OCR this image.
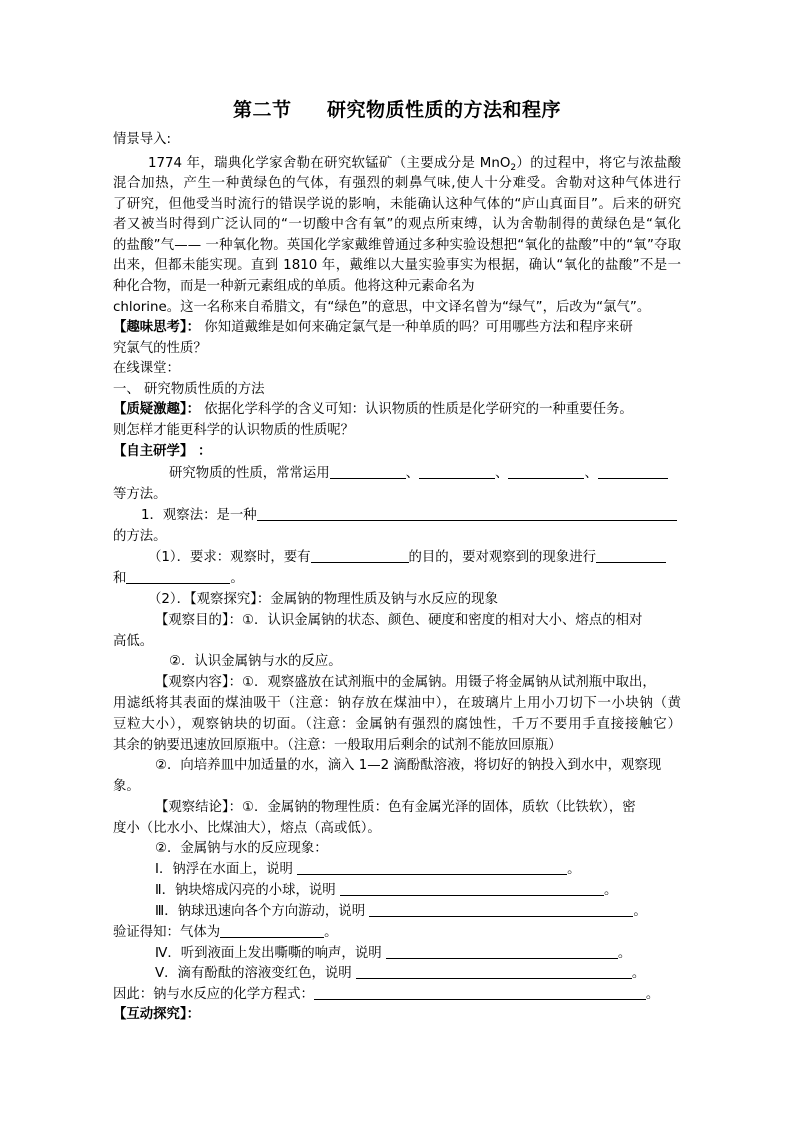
第二节     研究物质性质的方法和程序
情景导入:
1774 年，瑞典化学家舍勒在研究软锰矿（主要成分是 MnO$_2$）的过程中，将它与浓盐酸
混合加热，产生一种黄绿色的气体，有强烈的刺鼻气味,使人十分难受。舍勒对这种气体进行
了研究，但他受当时流行的错误学说的影响，未能确认这种气体的“庐山真面目”。后来的研究
者又被当时得到广泛认同的“一切酸中含有氧”的观点所束缚，认为舍勒制得的黄绿色是“氧化
的盐酸”气—— 一种氧化物。英国化学家戴维曾通过多种实验设想把“氧化的盐酸”中的“氧”夺取
出来，但都未能实现。直到 1810 年，戴维以大量实验事实为根据，确认“氧化的盐酸”不是一
种化合物，而是一种新元素组成的单质。他将这种元素命名为
chlorine。这一名称来自希腊文，有“绿色”的意思，中文译名曾为“绿气”，后改为“氯气”。
【趣味思考】： 你知道戴维是如何来确定氯气是一种单质的吗？可用哪些方法和程序来研
究氯气的性质？
在线课堂：
一、 研究物质性质的方法
【质疑激趣】： 依据化学科学的含义可知：认识物质的性质是化学研究的一种重要任务。
则怎样才能更科学的认识物质的性质呢？
【自主研学】 ：
研究物质的性质，常常运用	、	、	、
等方法。
1．观察法：是一种
的方法。
（1）．要求：观察时，要有	的目的，要对观察到的现象进行
和	。
（2）．【观察探究】：金属钠的物理性质及钠与水反应的现象
【观察目的】：①．认识金属钠的状态、颜色、硬度和密度的相对大小、熔点的相对
高低。
②．认识金属钠与水的反应。
【观察内容】：①．观察盛放在试剂瓶中的金属钠。用镊子将金属钠从试剂瓶中取出，
用滤纸将其表面的煤油吸干（注意：钠存放在煤油中），在玻璃片上用小刀切下一小块钠（黄
豆粒大小），观察钠块的切面。（注意：金属钠有强烈的腐蚀性，千万不要用手直接接触它）
其余的钠要迅速放回原瓶中。（注意：一般取用后剩余的试剂不能放回原瓶）
②．向培养皿中加适量的水，滴入 1—2 滴酚酞溶液，将切好的钠投入到水中，观察现
象。
【观察结论】：①．金属钠的物理性质：色有金属光泽的固体，质软（比铁软），密
度小（比水小、比煤油大），熔点（高或低）。
②．金属钠与水的反应现象：
Ⅰ．钠浮在水面上，说明	。
Ⅱ．钠块熔成闪亮的小球，说明	。
Ⅲ．钠球迅速向各个方向游动，说明	。
验证得知：气体为	。
Ⅳ．听到液面上发出嘶嘶的响声，说明	。
Ⅴ．滴有酚酞的溶液变红色，说明	。
因此：钠与水反应的化学方程式：	。
【互动探究】：
